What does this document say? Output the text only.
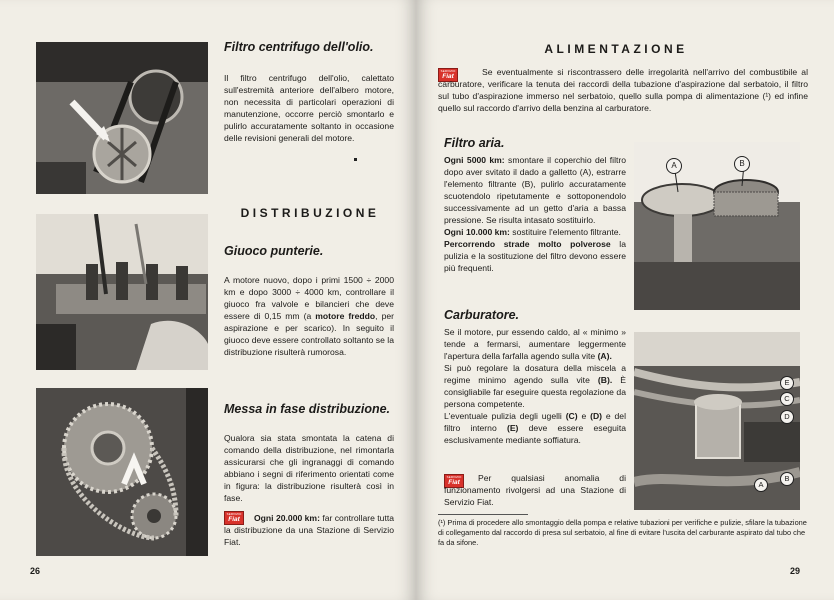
Filtro centrifugo dell'olio.

Il filtro centrifugo dell'olio, calettato sull'estremità anteriore dell'albero motore, non necessita di particolari operazioni di manutenzione, occorre perciò smontarlo e pulirlo accuratamente soltanto in occasione delle revisioni generali del motore.

DISTRIBUZIONE
Giuoco punterie.

A motore nuovo, dopo i primi 1500 ÷ 2000 km e dopo 3000 ÷ 4000 km, controllare il giuoco fra valvole e bilancieri che deve essere di 0,15 mm (a motore freddo, per aspirazione e per scarico). In seguito il giuoco deve essere controllato soltanto se la distribuzione risulterà rumorosa.

Messa in fase distribuzione.

Qualora sia stata smontata la catena di comando della distribuzione, nel rimontarla assicurarsi che gli ingranaggi di comando abbiano i segni di riferimento orientati come in figura: la distribuzione risulterà così in fase.

SERVIZIO
Fiat	Ogni 20.000 km: far controllare tutta la distribuzione da una Stazione di Servizio Fiat.

26
ALIMENTAZIONE
SERVIZIO
Fiat	Se eventualmente si riscontrassero delle irregolarità nell'arrivo del combustibile al carburatore, verificare la tenuta dei raccordi della tubazione d'aspirazione dal serbatoio, il filtro sul tubo d'aspirazione immerso nel serbatoio, quello sulla pompa di alimentazione (¹) ed infine quello sul raccordo d'arrivo della benzina al carburatore.

Filtro aria.

Ogni 5000 km: smontare il coperchio del filtro dopo aver svitato il dado a galletto (A), estrarre l'elemento filtrante (B), pulirlo accuratamente scuotendolo ripetutamente e sottoponendolo successivamente ad un getto d'aria a bassa pressione. Se risulta intasato sostituirlo.
Ogni 10.000 km: sostituire l'elemento filtrante.
Percorrendo strade molto polverose la pulizia e la sostituzione del filtro devono essere più frequenti.

A	B
Carburatore.

Se il motore, pur essendo caldo, al « minimo » tende a fermarsi, aumentare leggermente l'apertura della farfalla agendo sulla vite (A).
Si può regolare la dosatura della miscela a regime minimo agendo sulla vite (B). È consigliabile far eseguire questa regolazione da persona competente.
L'eventuale pulizia degli ugelli (C) e (D) e del filtro interno (E) deve essere eseguita esclusivamente mediante soffiatura.

SERVIZIO
Fiat	Per qualsiasi anomalia di funzionamento rivolgersi ad una Stazione di Servizio Fiat.

E
C
D
A
B

(¹) Prima di procedere allo smontaggio della pompa e relative tubazioni per verifiche e pulizie, sfilare la tubazione di collegamento dal raccordo di presa sul serbatoio, al fine di evitare l'uscita del carburante aspirato dal tubo che fa da sifone.

29
